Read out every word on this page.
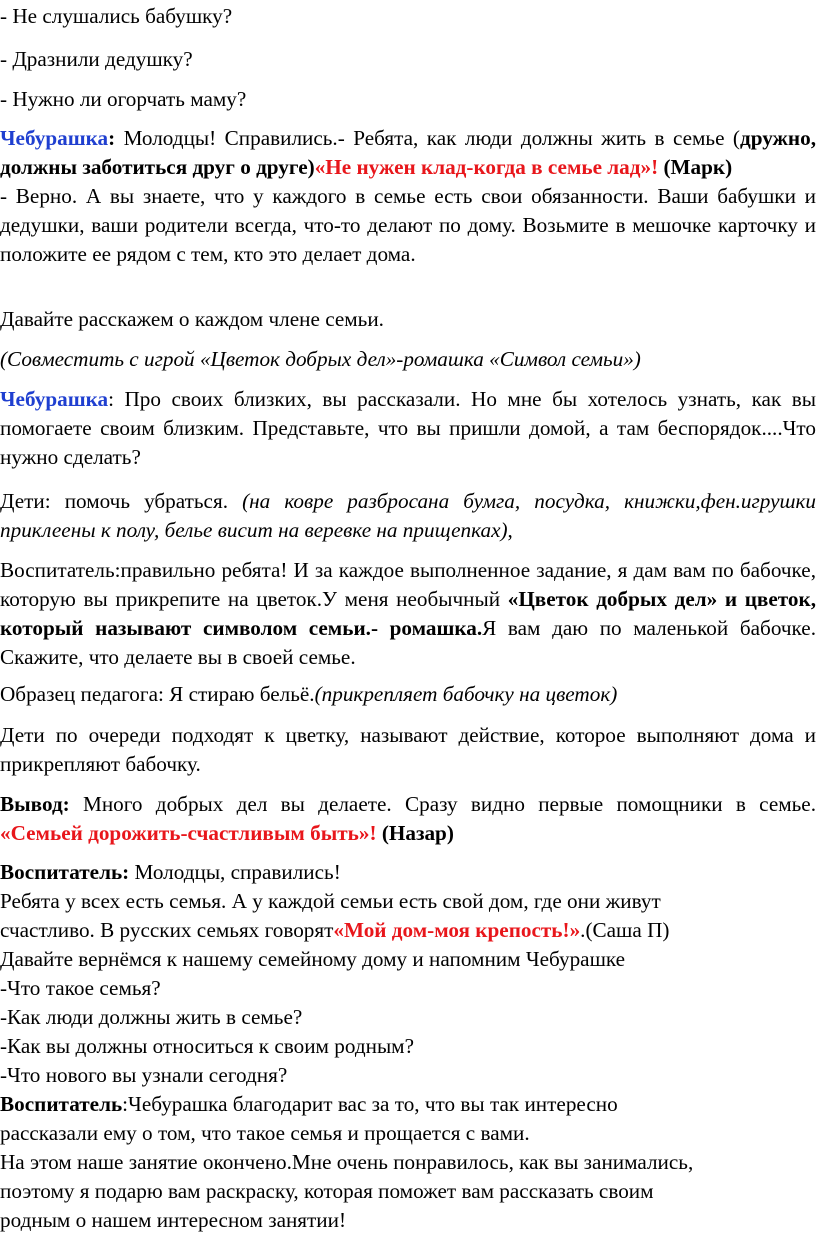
- Не слушались бабушку?

- Дразнили дедушку?

- Нужно ли огорчать маму?

Чебурашка: Молодцы! Справились.- Ребята, как люди должны жить в семье (дружно, должны заботиться друг о друге)«Не нужен клад-когда в семье лад»! (Марк)
- Верно. А вы знаете, что у каждого в семье есть свои обязанности. Ваши бабушки и дедушки, ваши родители всегда, что-то делают по дому. Возьмите в мешочке карточку и положите ее рядом с тем, кто это делает дома.

Давайте расскажем о каждом члене семьи.

(Совместить с игрой «Цветок добрых дел»-ромашка «Символ семьи»)

Чебурашка: Про своих близких, вы рассказали. Но мне бы хотелось узнать, как вы помогаете своим близким. Представьте, что вы пришли домой, а там беспорядок....Что нужно сделать?
Дети: помочь убраться. (на ковре разбросана бумга, посудка, книжки,фен.игрушки приклеены к полу, белье висит на веревке на прищепках),
Воспитатель:правильно ребята! И за каждое выполненное задание, я дам вам по бабочке, которую вы прикрепите на цветок.У меня необычный «Цветок добрых дел» и цветок, который называют символом семьи.- ромашка.Я вам даю по маленькой бабочке. Скажите, что делаете вы в своей семье.
Образец педагога: Я стираю бельё.(прикрепляет бабочку на цветок)
Дети по очереди подходят к цветку, называют действие, которое выполняют дома и прикрепляют бабочку.
Вывод: Много добрых дел вы делаете. Сразу видно первые помощники в семье. «Семьей дорожить-счастливым быть»! (Назар)
Воспитатель: Молодцы, справились!
Ребята у всех есть семья. А у каждой семьи есть свой дом, где они живут
счастливо. В русских семьях говорят«Мой дом-моя крепость!».(Саша П)
Давайте вернёмся к нашему семейному дому и напомним Чебурашке
-Что такое семья?
-Как люди должны жить в семье?
-Как вы должны относиться к своим родным?
-Что нового вы узнали сегодня?
Воспитатель:Чебурашка благодарит вас за то, что вы так интересно
рассказали ему о том, что такое семья и прощается с вами.
На этом наше занятие окончено.Мне очень понравилось, как вы занимались,
поэтому я подарю вам раскраску, которая поможет вам рассказать своим
родным о нашем интересном занятии!
